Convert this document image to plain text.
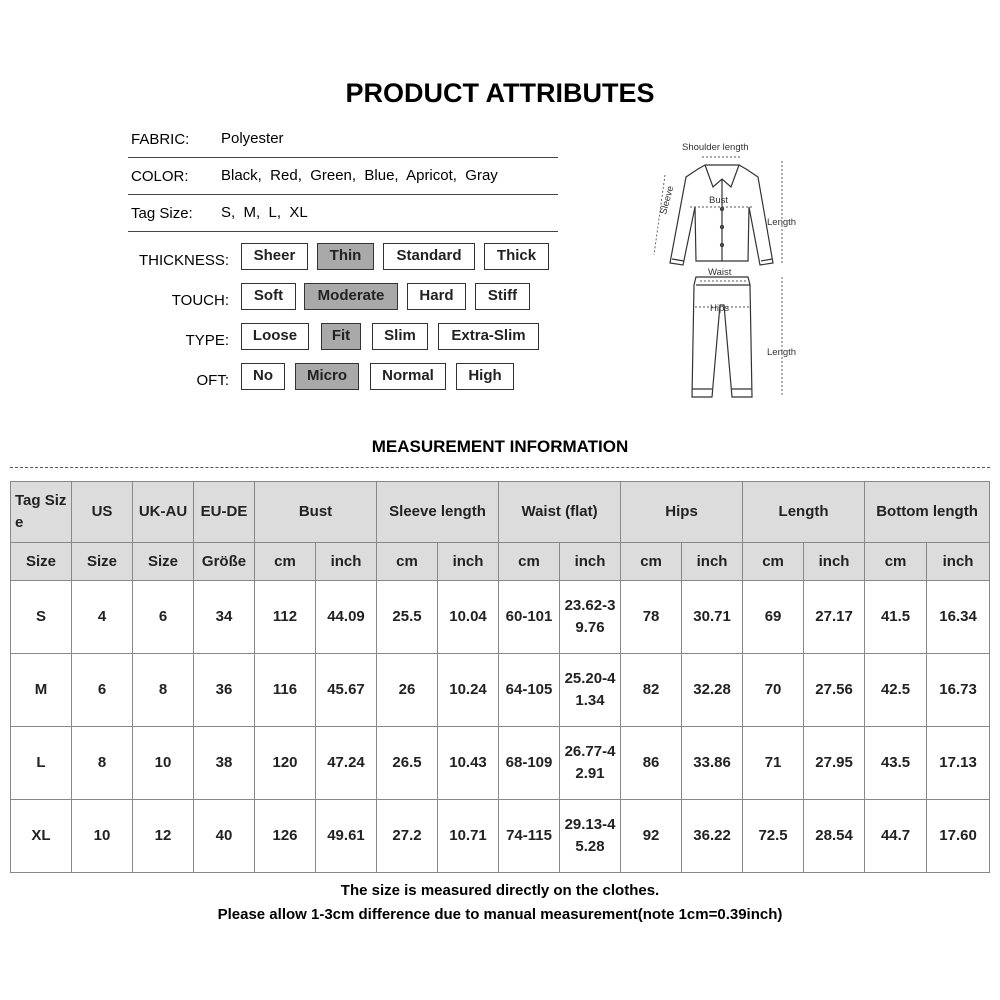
PRODUCT ATTRIBUTES
FABRIC: Polyester
COLOR: Black,  Red,  Green,  Blue,  Apricot,  Gray
Tag Size: S,  M,  L,  XL
THICKNESS:	Sheer	Thin	Standard	Thick
TOUCH:	Soft	Moderate	Hard	Stiff
TYPE:	Loose	Fit	Slim	Extra-Slim
OFT:	No	Micro	Normal	High
Shoulder length
Sleeve	Bust
Length
Waist
Hips
Length
MEASUREMENT INFORMATION
Tag Size	US	UK-AU	EU-DE	Bust		Sleeve length		Waist (flat)		Hips		Length		Bottom length	
Size	Size	Size	Größe	cm	inch	cm	inch	cm	inch	cm	inch	cm	inch	cm	inch
S	4	6	34	112	44.09	25.5	10.04	60-101	23.62-39.76	78	30.71	69	27.17	41.5	16.34
M	6	8	36	116	45.67	26	10.24	64-105	25.20-41.34	82	32.28	70	27.56	42.5	16.73
L	8	10	38	120	47.24	26.5	10.43	68-109	26.77-42.91	86	33.86	71	27.95	43.5	17.13
XL	10	12	40	126	49.61	27.2	10.71	74-115	29.13-45.28	92	36.22	72.5	28.54	44.7	17.60
The size is measured directly on the clothes.
Please allow 1-3cm difference due to manual measurement(note 1cm=0.39inch)
